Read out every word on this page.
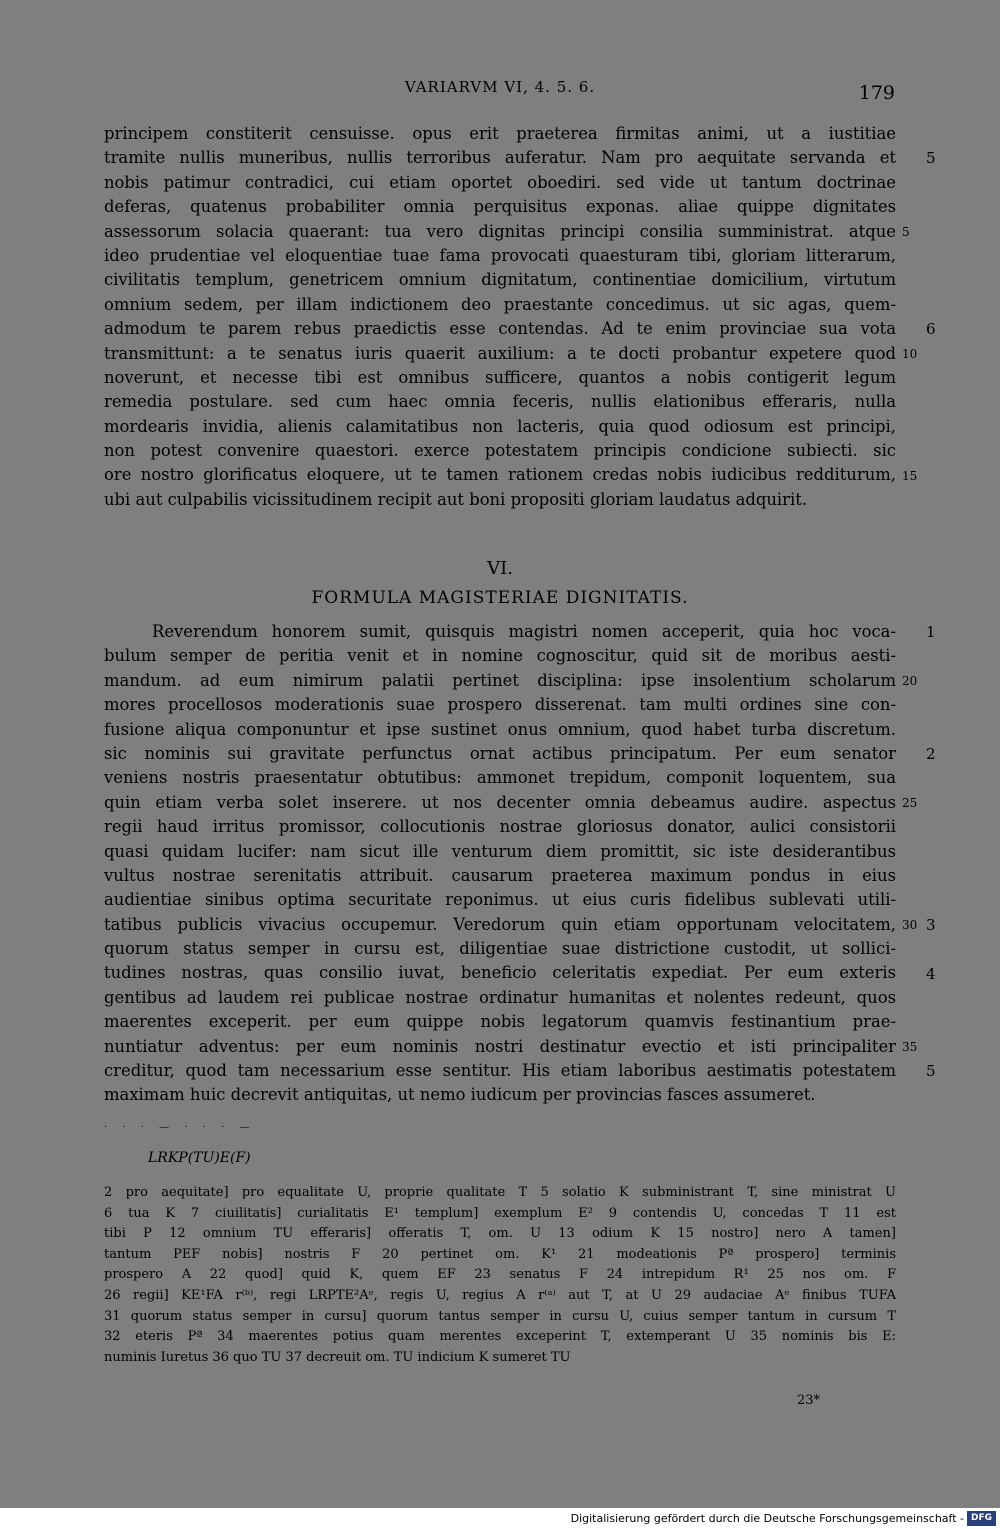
VARIARVM VI, 4. 5. 6.	179
principem constiterit censuisse. opus erit praeterea firmitas animi, ut a iustitiae
tramite nullis muneribus, nullis terroribus auferatur. Nam pro aequitate servanda et
nobis patimur contradici, cui etiam oportet oboediri. sed vide ut tantum doctrinae
deferas, quatenus probabiliter omnia perquisitus exponas. aliae quippe dignitates
assessorum solacia quaerant: tua vero dignitas principi consilia sumministrat. atque
ideo prudentiae vel eloquentiae tuae fama provocati quaesturam tibi, gloriam litterarum,
civilitatis templum, genetricem omnium dignitatum, continentiae domicilium, virtutum
omnium sedem, per illam indictionem deo praestante concedimus. ut sic agas, quem-
admodum te parem rebus praedictis esse contendas. Ad te enim provinciae sua vota
transmittunt: a te senatus iuris quaerit auxilium: a te docti probantur expetere quod
noverunt, et necesse tibi est omnibus sufficere, quantos a nobis contigerit legum
remedia postulare. sed cum haec omnia feceris, nullis elationibus efferaris, nulla
mordearis invidia, alienis calamitatibus non lacteris, quia quod odiosum est principi,
non potest convenire quaestori. exerce potestatem principis condicione subiecti. sic
ore nostro glorificatus eloquere, ut te tamen rationem credas nobis iudicibus redditurum,
ubi aut culpabilis vicissitudinem recipit aut boni propositi gloriam laudatus adquirit.
5
5
6
10
15
VI.
FORMULA MAGISTERIAE DIGNITATIS.
Reverendum honorem sumit, quisquis magistri nomen acceperit, quia hoc voca-
bulum semper de peritia venit et in nomine cognoscitur, quid sit de moribus aesti-
mandum. ad eum nimirum palatii pertinet disciplina: ipse insolentium scholarum
mores procellosos moderationis suae prospero disserenat. tam multi ordines sine con-
fusione aliqua componuntur et ipse sustinet onus omnium, quod habet turba discretum.
sic nominis sui gravitate perfunctus ornat actibus principatum. Per eum senator
veniens nostris praesentatur obtutibus: ammonet trepidum, componit loquentem, sua
quin etiam verba solet inserere. ut nos decenter omnia debeamus audire. aspectus
regii haud irritus promissor, collocutionis nostrae gloriosus donator, aulici consistorii
quasi quidam lucifer: nam sicut ille venturum diem promittit, sic iste desiderantibus
vultus nostrae serenitatis attribuit. causarum praeterea maximum pondus in eius
audientiae sinibus optima securitate reponimus. ut eius curis fidelibus sublevati utili-
tatibus publicis vivacius occupemur. Veredorum quin etiam opportunam velocitatem,
quorum status semper in cursu est, diligentiae suae districtione custodit, ut sollici-
tudines nostras, quas consilio iuvat, beneficio celeritatis expediat. Per eum exteris
gentibus ad laudem rei publicae nostrae ordinatur humanitas et nolentes redeunt, quos
maerentes exceperit. per eum quippe nobis legatorum quamvis festinantium prae-
nuntiatur adventus: per eum nominis nostri destinatur evectio et isti principaliter
creditur, quod tam necessarium esse sentitur. His etiam laboribus aestimatis potestatem
maximam huic decrevit antiquitas, ut nemo iudicum per provincias fasces assumeret.
1
20
2
25
30 3
4
35
5
· · · — · · · —
LRKP(TU)E(F)
2 pro aequitate] pro equalitate U, proprie qualitate T 5 solatio K subministrant T, sine ministrat U
6 tua K 7 ciuilitatis] curialitatis E¹ templum] exemplum E² 9 contendis U, concedas T 11 est
tibi P 12 omnium TU efferaris] offeratis T, om. U 13 odium K 15 nostro] nero A tamen]
tantum PEF nobis] nostris F 20 pertinet om. K¹ 21 modeationis Pª prospero] terminis
prospero A 22 quod] quid K, quem EF 23 senatus F 24 intrepidum R¹ 25 nos om. F
26 regii] KE¹FA r⁽ᵇ⁾, regi LRPTE²Aᵉ, regis U, regius A r⁽ᵃ⁾ aut T, at U 29 audaciae Aᵉ finibus TUFA
31 quorum status semper in cursu] quorum tantus semper in cursu U, cuius semper tantum in cursum T
32 eteris Pª 34 maerentes potius quam merentes exceperint T, extemperant U 35 nominis bis E:
numinis Iuretus 36 quo TU 37 decreuit om. TU indicium K sumeret TU
23*
Digitalisierung gefördert durch die Deutsche Forschungsgemeinschaft - DFG
